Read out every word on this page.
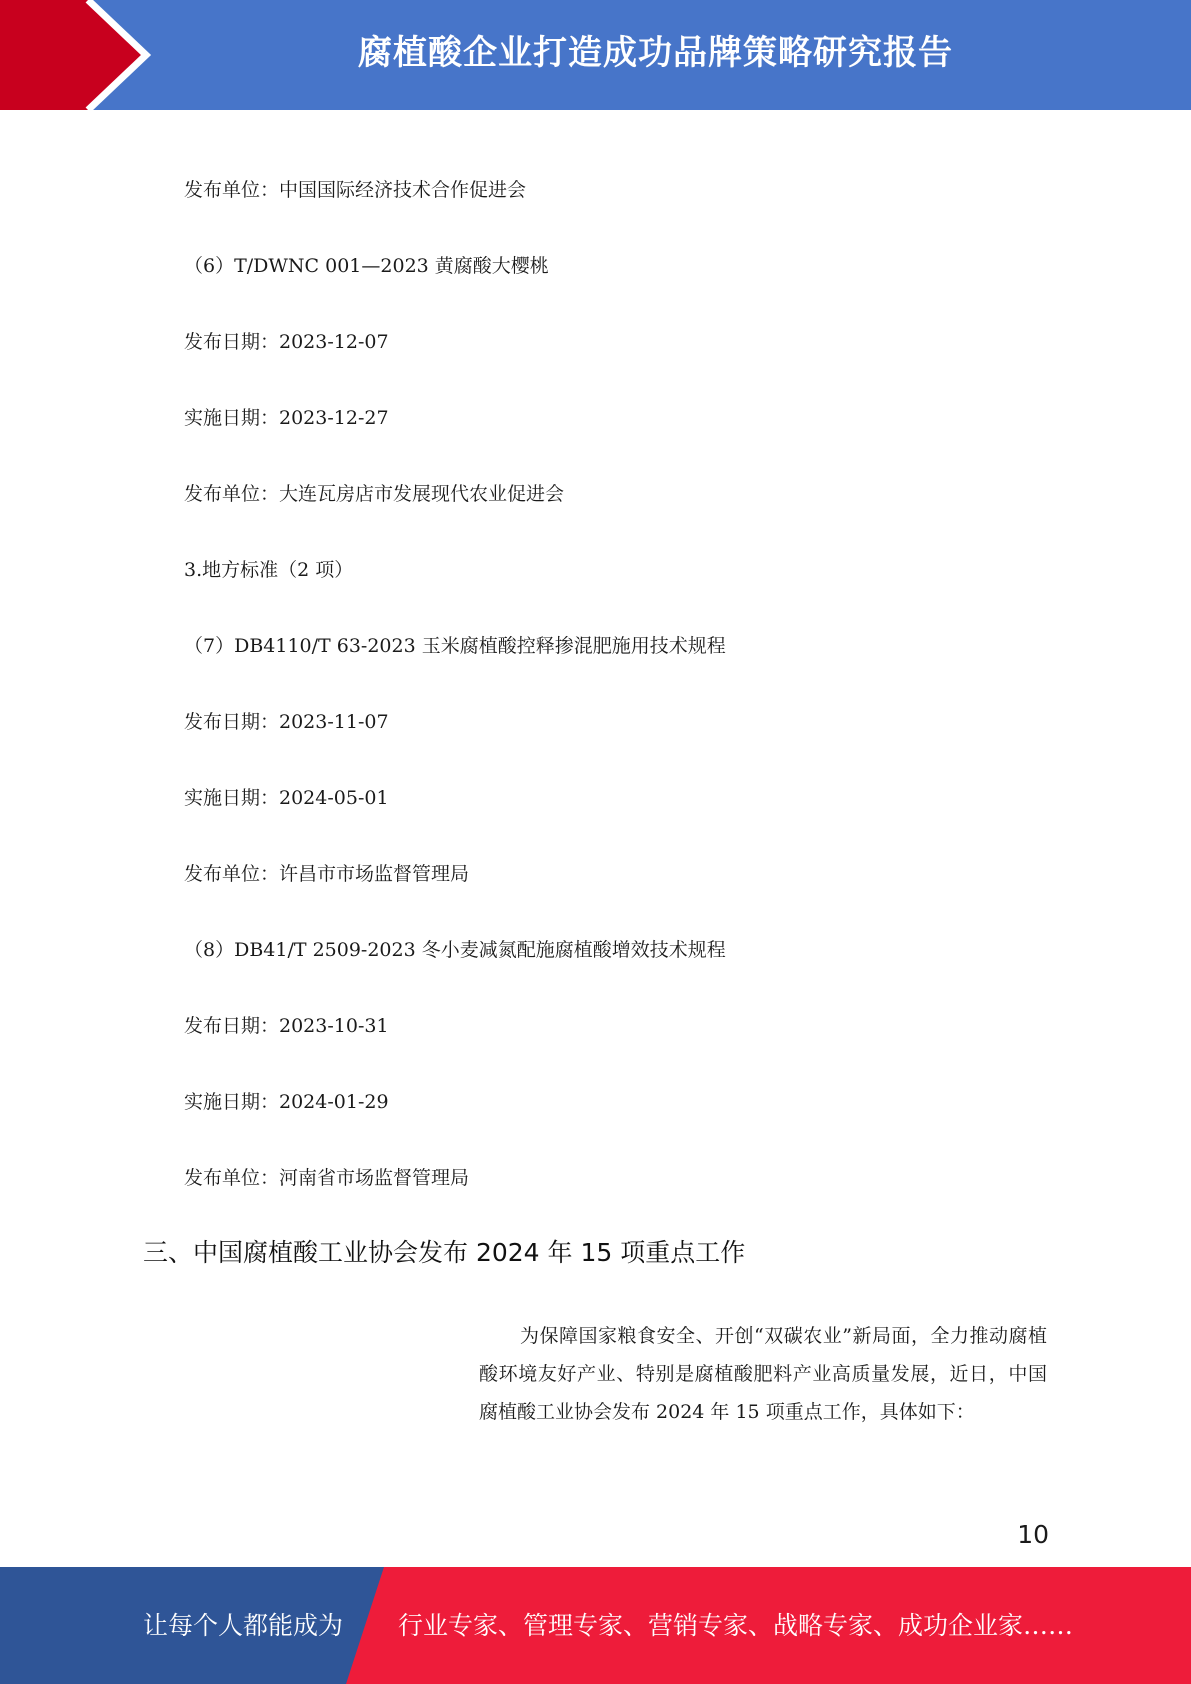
腐植酸企业打造成功品牌策略研究报告
发布单位：中国国际经济技术合作促进会
（6）T/DWNC 001—2023 黄腐酸大樱桃
发布日期：2023-12-07
实施日期：2023-12-27
发布单位：大连瓦房店市发展现代农业促进会
3.地方标准（2 项）
（7）DB4110/T 63-2023 玉米腐植酸控释掺混肥施用技术规程
发布日期：2023-11-07
实施日期：2024-05-01
发布单位：许昌市市场监督管理局
（8）DB41/T 2509-2023 冬小麦减氮配施腐植酸增效技术规程
发布日期：2023-10-31
实施日期：2024-01-29
发布单位：河南省市场监督管理局
三、中国腐植酸工业协会发布 2024 年 15 项重点工作
为保障国家粮食安全、开创“双碳农业”新局面，全力推动腐植酸环境友好产业、特别是腐植酸肥料产业高质量发展，近日，中国腐植酸工业协会发布 2024 年 15 项重点工作，具体如下：
10
让每个人都能成为 行业专家、管理专家、营销专家、战略专家、成功企业家……
